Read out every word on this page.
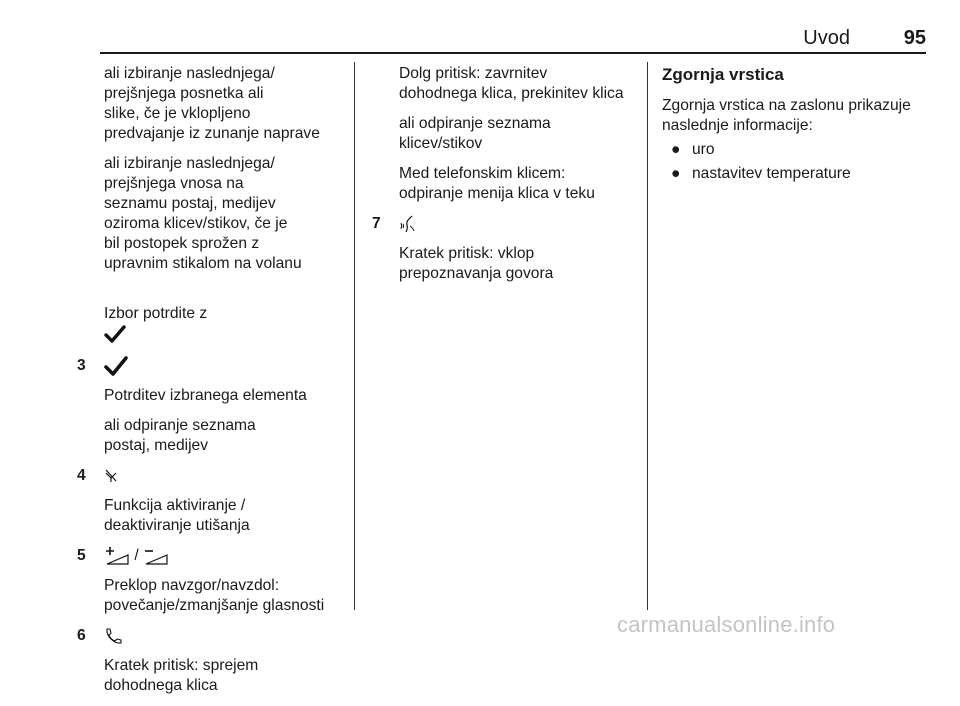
Uvod	95

ali izbiranje naslednjega/
prejšnjega posnetka ali
slike, če je vklopljeno
predvajanje iz zunanje naprave

ali izbiranje naslednjega/
prejšnjega vnosa na
seznamu postaj, medijev
oziroma klicev/stikov, če je
bil postopek sprožen z
upravnim stikalom na volanu

Izbor potrdite z

3

Potrditev izbranega elementa

ali odpiranje seznama
postaj, medijev

4

Funkcija aktiviranje /
deaktiviranje utišanja

5	/

Preklop navzgor/navzdol:
povečanje/zmanjšanje glasnosti

6

Kratek pritisk: sprejem
dohodnega klica

Dolg pritisk: zavrnitev
dohodnega klica, prekinitev klica

ali odpiranje seznama
klicev/stikov

Med telefonskim klicem:
odpiranje menija klica v teku

7

Kratek pritisk: vklop
prepoznavanja govora

Zgornja vrstica

Zgornja vrstica na zaslonu prikazuje
naslednje informacije:

● uro
● nastavitev temperature
carmanualsonline.info
